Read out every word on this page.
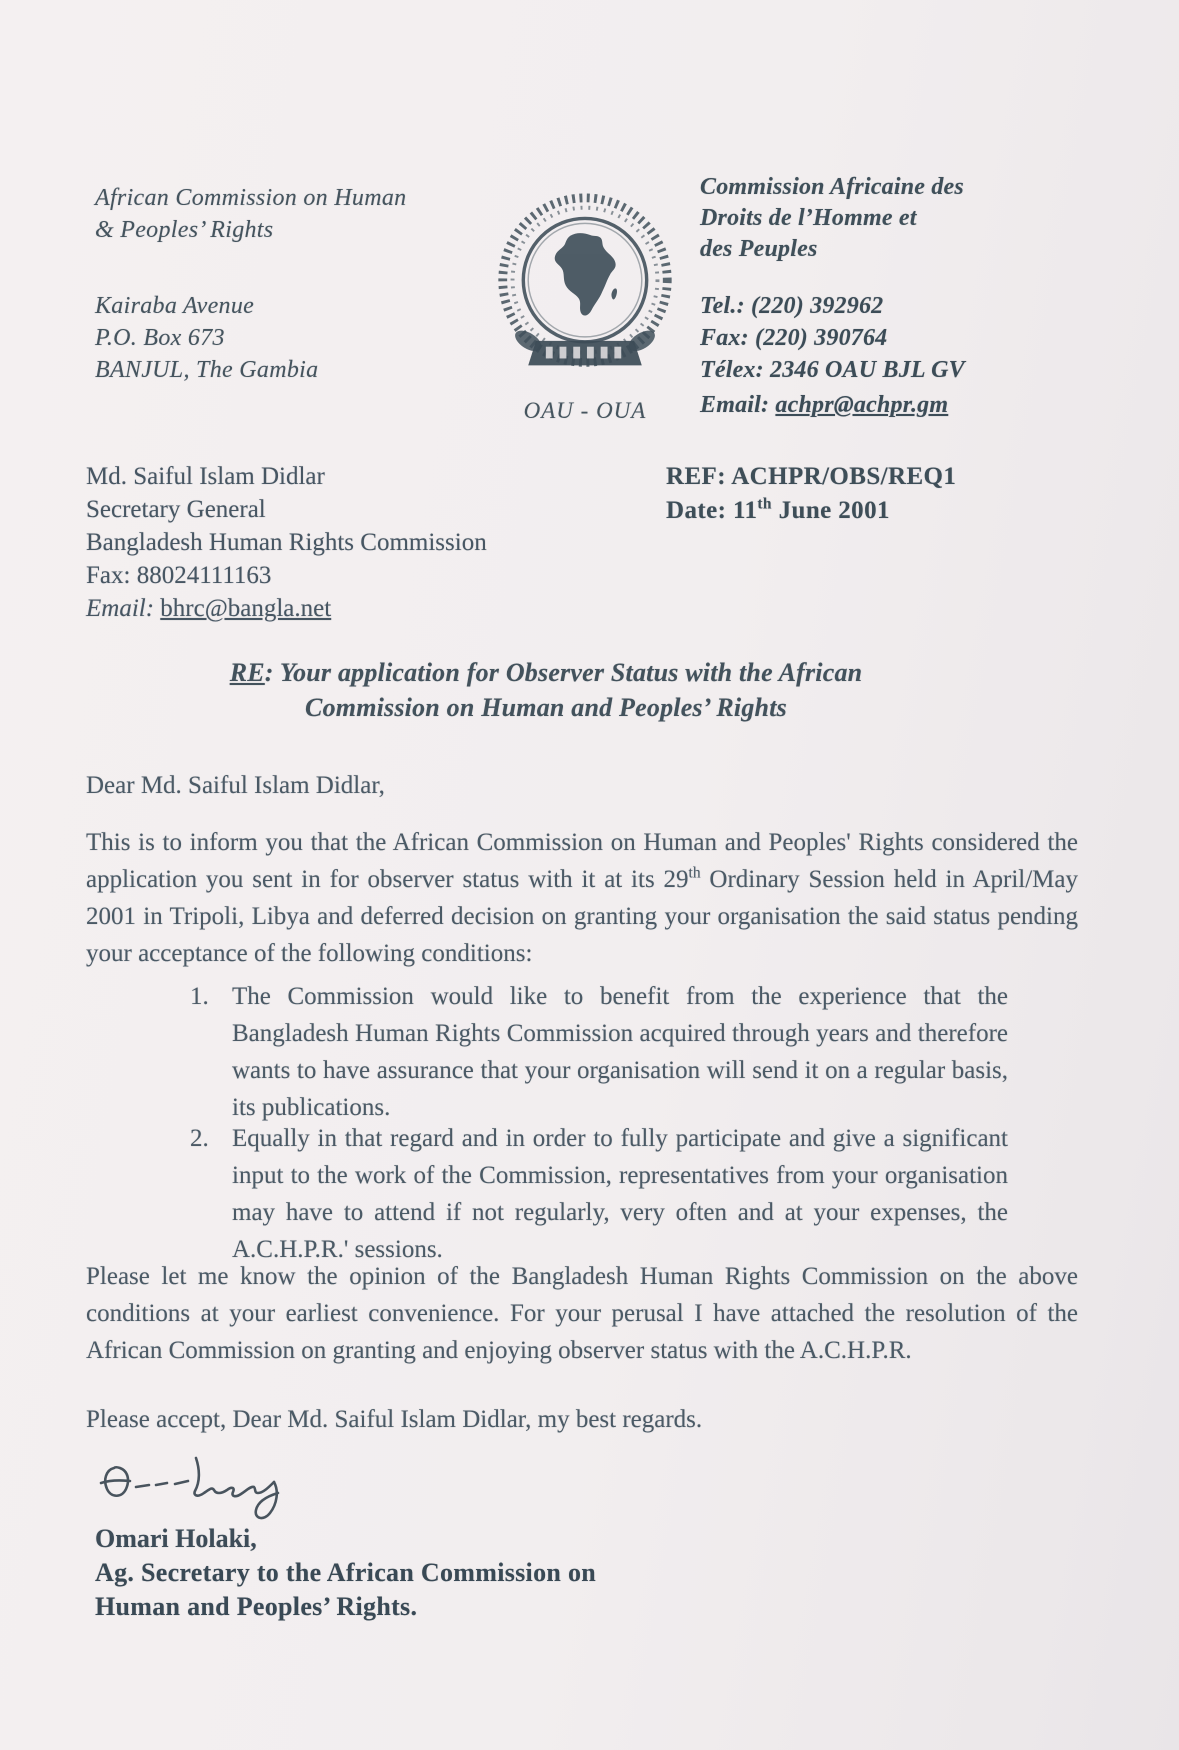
African Commission on Human
& Peoples’ Rights
Kairaba Avenue
P.O. Box 673
BANJUL, The Gambia
OAU - OUA
Commission Africaine des
Droits de l’Homme et
des Peuples
Tel.: (220) 392962
Fax: (220) 390764
Télex: 2346 OAU BJL GV
Email: achpr@achpr.gm
Md. Saiful Islam Didlar
Secretary General
Bangladesh Human Rights Commission
Fax: 88024111163
Email: bhrc@bangla.net
REF: ACHPR/OBS/REQ1
Date: 11th June 2001
RE: Your application for Observer Status with the African
Commission on Human and Peoples’ Rights
Dear Md. Saiful Islam Didlar,
This is to inform you that the African Commission on Human and Peoples' Rights considered the application you sent in for observer status with it at its 29th Ordinary Session held in April/May 2001 in Tripoli, Libya and deferred decision on granting your organisation the said status pending your acceptance of the following conditions:
1. The Commission would like to benefit from the experience that the Bangladesh Human Rights Commission acquired through years and therefore wants to have assurance that your organisation will send it on a regular basis, its publications.
2. Equally in that regard and in order to fully participate and give a significant input to the work of the Commission, representatives from your organisation may have to attend if not regularly, very often and at your expenses, the A.C.H.P.R.' sessions.
Please let me know the opinion of the Bangladesh Human Rights Commission on the above conditions at your earliest convenience. For your perusal I have attached the resolution of the African Commission on granting and enjoying observer status with the A.C.H.P.R.
Please accept, Dear Md. Saiful Islam Didlar, my best regards.
Omari Holaki,
Ag. Secretary to the African Commission on
Human and Peoples’ Rights.
